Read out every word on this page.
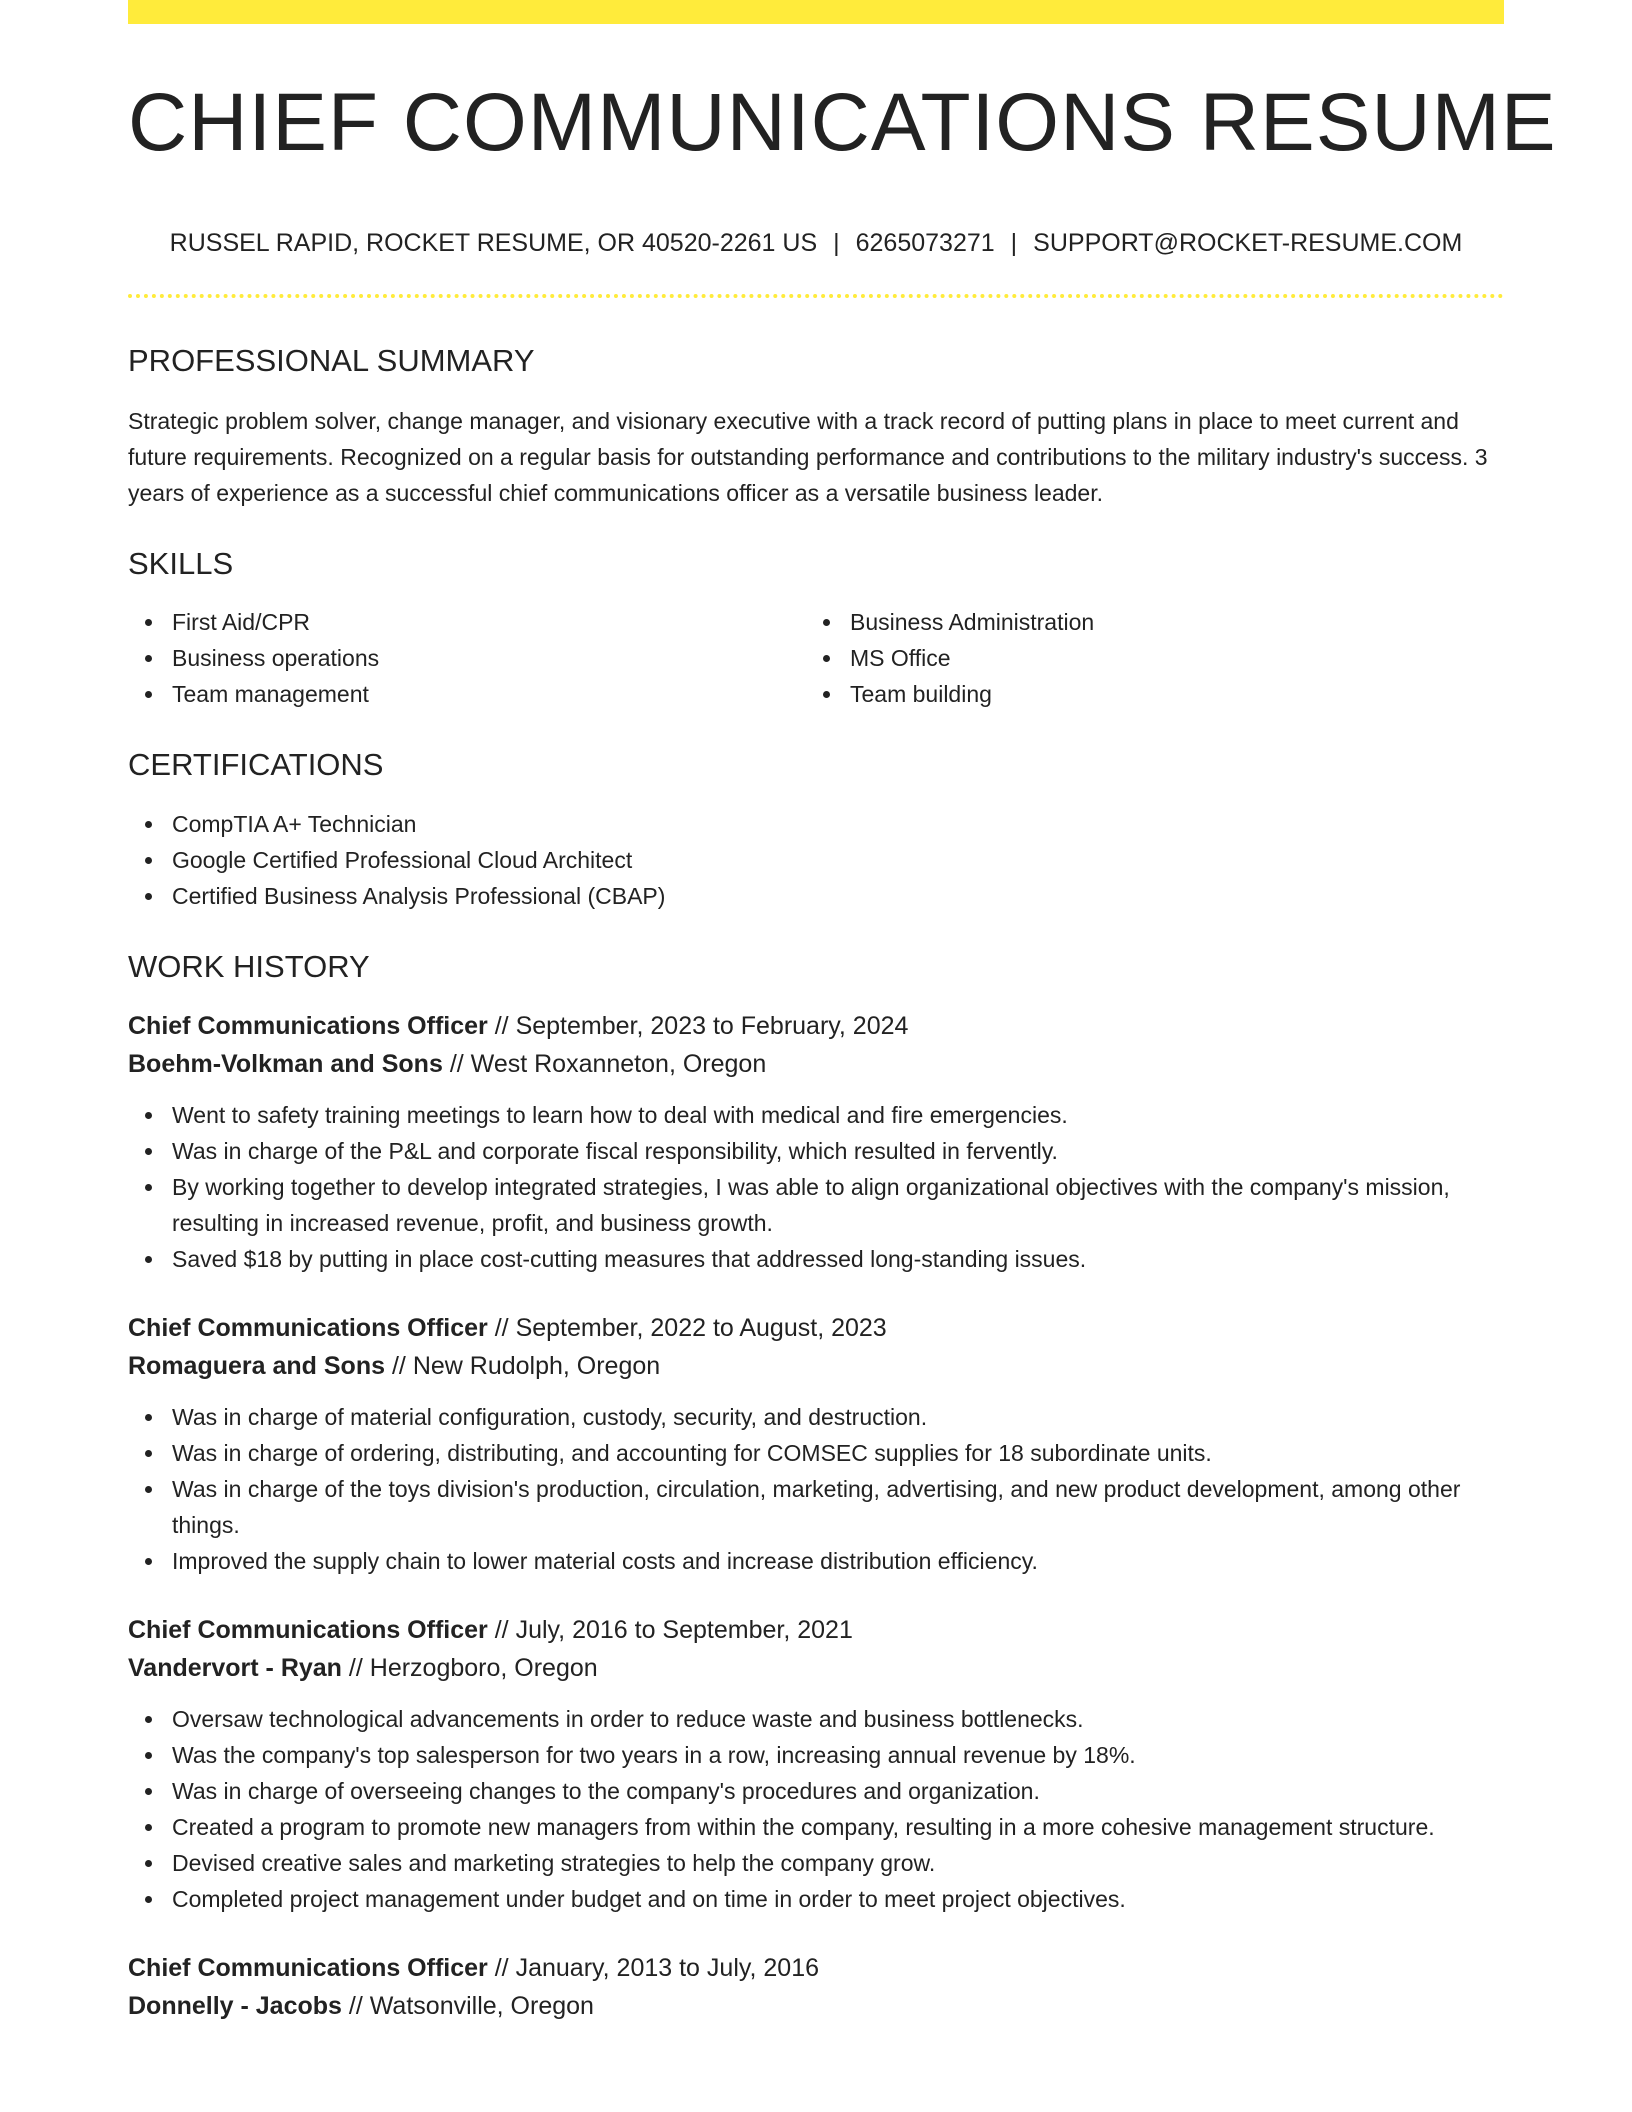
CHIEF COMMUNICATIONS RESUME
RUSSEL RAPID, ROCKET RESUME, OR 40520-2261 US | 6265073271 | SUPPORT@ROCKET-RESUME.COM
PROFESSIONAL SUMMARY

Strategic problem solver, change manager, and visionary executive with a track record of putting plans in place to meet current and future requirements. Recognized on a regular basis for outstanding performance and contributions to the military industry's success. 3 years of experience as a successful chief communications officer as a versatile business leader.

SKILLS
First Aid/CPR
Business operations
Team management
Business Administration
MS Office
Team building
CERTIFICATIONS
CompTIA A+ Technician
Google Certified Professional Cloud Architect
Certified Business Analysis Professional (CBAP)
WORK HISTORY

Chief Communications Officer // September, 2023 to February, 2024

Boehm-Volkman and Sons // West Roxanneton, Oregon

Went to safety training meetings to learn how to deal with medical and fire emergencies.
Was in charge of the P&L and corporate fiscal responsibility, which resulted in fervently.
By working together to develop integrated strategies, I was able to align organizational objectives with the company's mission, resulting in increased revenue, profit, and business growth.
Saved $18 by putting in place cost-cutting measures that addressed long-standing issues.

Chief Communications Officer // September, 2022 to August, 2023

Romaguera and Sons // New Rudolph, Oregon

Was in charge of material configuration, custody, security, and destruction.
Was in charge of ordering, distributing, and accounting for COMSEC supplies for 18 subordinate units.
Was in charge of the toys division's production, circulation, marketing, advertising, and new product development, among other things.
Improved the supply chain to lower material costs and increase distribution efficiency.

Chief Communications Officer // July, 2016 to September, 2021

Vandervort - Ryan // Herzogboro, Oregon

Oversaw technological advancements in order to reduce waste and business bottlenecks.
Was the company's top salesperson for two years in a row, increasing annual revenue by 18%.
Was in charge of overseeing changes to the company's procedures and organization.
Created a program to promote new managers from within the company, resulting in a more cohesive management structure.
Devised creative sales and marketing strategies to help the company grow.
Completed project management under budget and on time in order to meet project objectives.

Chief Communications Officer // January, 2013 to July, 2016

Donnelly - Jacobs // Watsonville, Oregon
